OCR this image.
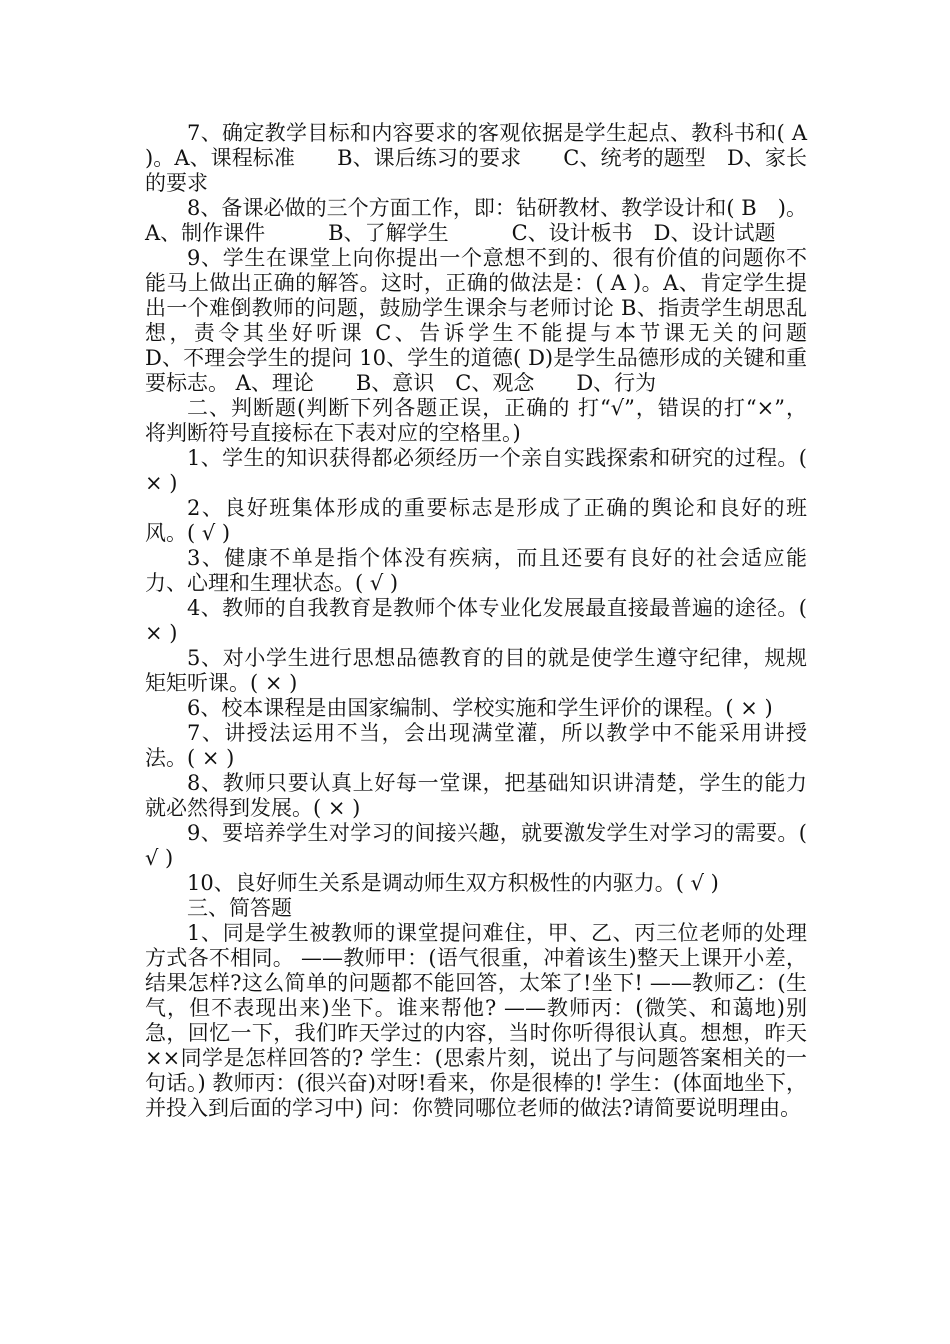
7、确定教学目标和内容要求的客观依据是学生起点、教科书和( A )。A、课程标准　　B、课后练习的要求　　C、统考的题型　D、家长的要求

8、备课必做的三个方面工作，即：钻研教材、教学设计和( B　)。 A、制作课件　　　B、了解学生　　　C、设计板书　D、设计试题

9、学生在课堂上向你提出一个意想不到的、很有价值的问题你不能马上做出正确的解答。这时，正确的做法是：( A )。A、肯定学生提出一个难倒教师的问题，鼓励学生课余与老师讨论 B、指责学生胡思乱想，责令其坐好听课 C、告诉学生不能提与本节课无关的问题　　　　D、不理会学生的提问 10、学生的道德( D)是学生品德形成的关键和重要标志。 A、理论　　B、意识　C、观念　　D、行为

二、判断题(判断下列各题正误，正确的 打“√”，错误的打“×”， 将判断符号直接标在下表对应的空格里。)

1、学生的知识获得都必须经历一个亲自实践探索和研究的过程。( × )

2、良好班集体形成的重要标志是形成了正确的舆论和良好的班风。( √ )

3、健康不单是指个体没有疾病，而且还要有良好的社会适应能力、心理和生理状态。( √ )

4、教师的自我教育是教师个体专业化发展最直接最普遍的途径。( × )

5、对小学生进行思想品德教育的目的就是使学生遵守纪律，规规矩矩听课。( × )

6、校本课程是由国家编制、学校实施和学生评价的课程。( × )

7、讲授法运用不当，会出现满堂灌，所以教学中不能采用讲授法。( × )

8、教师只要认真上好每一堂课，把基础知识讲清楚，学生的能力就必然得到发展。( × )

9、要培养学生对学习的间接兴趣，就要激发学生对学习的需要。( √ )

10、良好师生关系是调动师生双方积极性的内驱力。( √ )

三、简答题

1、同是学生被教师的课堂提问难住，甲、乙、丙三位老师的处理方式各不相同。 ——教师甲：(语气很重，冲着该生)整天上课开小差，结果怎样?这么简单的问题都不能回答，太笨了!坐下! ——教师乙：(生气，但不表现出来)坐下。谁来帮他? ——教师丙：(微笑、和蔼地)别急，回忆一下，我们昨天学过的内容，当时你听得很认真。想想，昨天××同学是怎样回答的? 学生：(思索片刻，说出了与问题答案相关的一句话。) 教师丙：(很兴奋)对呀!看来，你是很棒的! 学生：(体面地坐下，并投入到后面的学习中) 问：你赞同哪位老师的做法?请简要说明理由。
